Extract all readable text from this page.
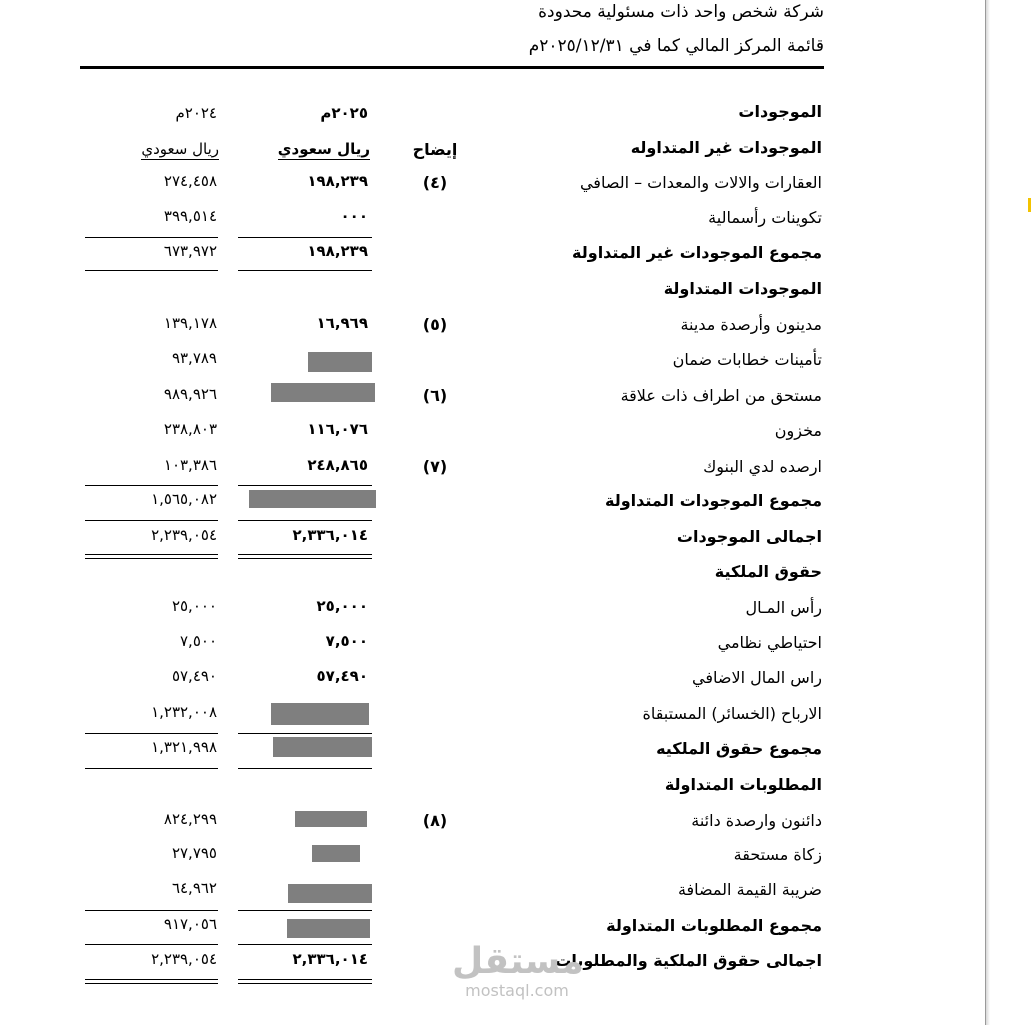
شركة شخص واحد ذات مسئولية محدودة
قائمة المركز المالي كما في ٢٠٢٥/١٢/٣١م
إيضاح
٢٠٢٥م
٢٠٢٤م
ريال سعودي
ريال سعودي
الموجودات
الموجودات غير المتداوله
العقارات والالات والمعدات – الصافي
(٤)
١٩٨,٢٣٩
٢٧٤,٤٥٨
تكوينات رأسمالية
٠٠٠
٣٩٩,٥١٤
مجموع الموجودات غير المتداولة
١٩٨,٢٣٩
٦٧٣,٩٧٢
الموجودات المتداولة
مدينون وأرصدة مدينة
(٥)
١٦,٩٦٩
١٣٩,١٧٨
تأمينات خطابات ضمان
٩٣,٧٨٩
مستحق من اطراف ذات علاقة
(٦)
٩٨٩,٩٢٦
مخزون
١١٦,٠٧٦
٢٣٨,٨٠٣
ارصده لدي البنوك
(٧)
٢٤٨,٨٦٥
١٠٣,٣٨٦
مجموع الموجودات المتداولة
١,٥٦٥,٠٨٢
اجمالى الموجودات
٢,٣٣٦,٠١٤
٢,٢٣٩,٠٥٤
حقوق الملكية
رأس المـال
٢٥,٠٠٠
٢٥,٠٠٠
احتياطي نظامي
٧,٥٠٠
٧,٥٠٠
راس المال الاضافي
٥٧,٤٩٠
٥٧,٤٩٠
الارباح (الخسائر) المستبقاة
١,٢٣٢,٠٠٨
مجموع حقوق الملكيه
١,٣٢١,٩٩٨
المطلوبات المتداولة
دائنون وارصدة دائنة
(٨)
٨٢٤,٢٩٩
زكاة مستحقة
٢٧,٧٩٥
ضريبة القيمة المضافة
٦٤,٩٦٢
مجموع المطلوبات المتداولة
٩١٧,٠٥٦
اجمالى حقوق الملكية والمطلوبات
٢,٣٣٦,٠١٤
٢,٢٣٩,٠٥٤	مستقل
mostaql.com
